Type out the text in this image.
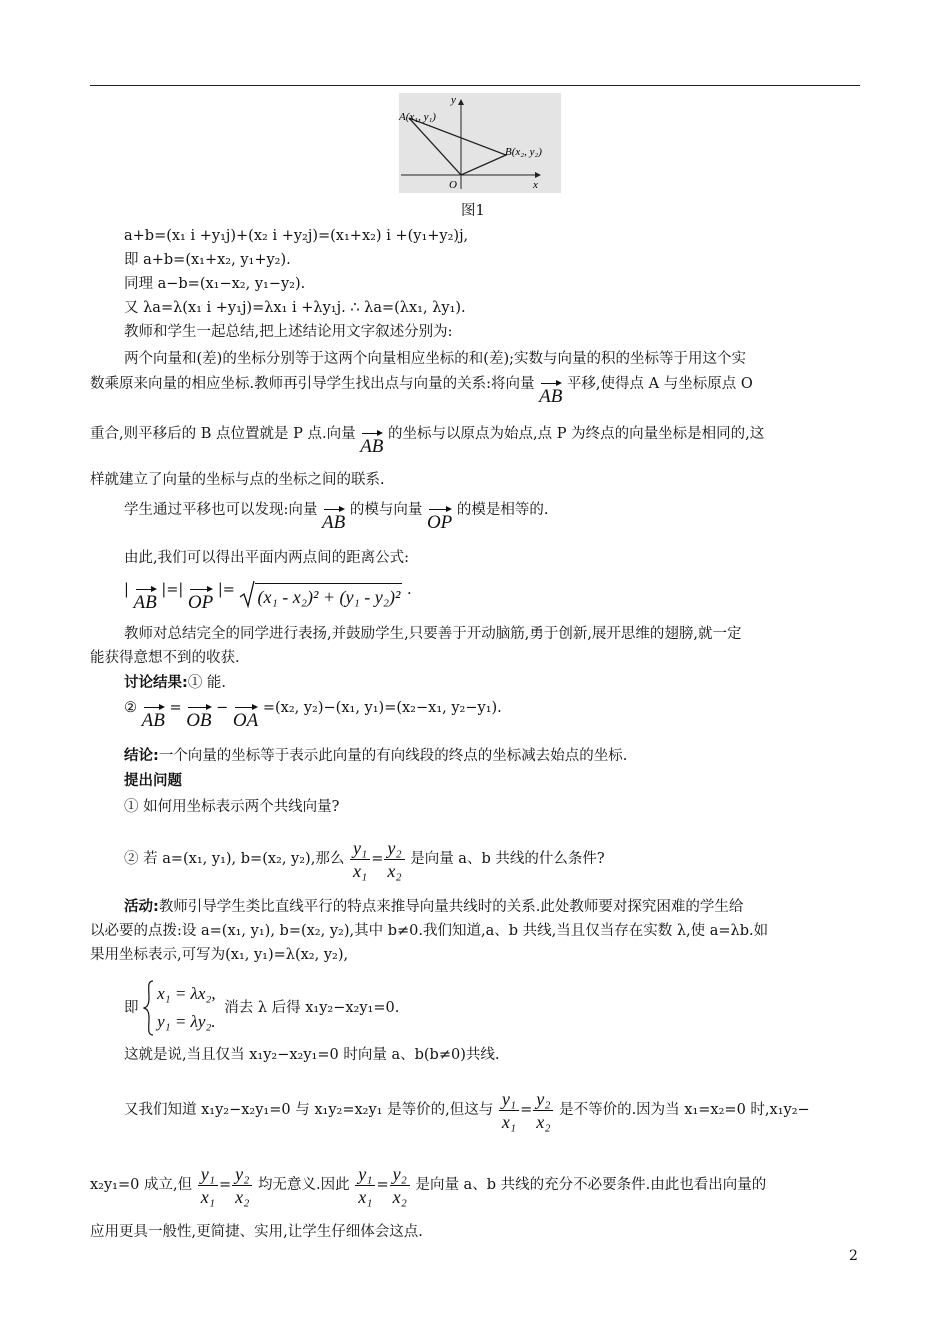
y
x
O
A(x₁, y₁)
B(x₂, y₂)
图1
a+b=(x₁ i +y₁j)+(x₂ i +y₂j)=(x₁+x₂) i +(y₁+y₂)j,
即 a+b=(x₁+x₂, y₁+y₂).
同理 a−b=(x₁−x₂, y₁−y₂).
又 λa=λ(x₁ i +y₁j)=λx₁ i +λy₁j. ∴ λa=(λx₁, λy₁).
教师和学生一起总结,把上述结论用文字叙述分别为:
两个向量和(差)的坐标分别等于这两个向量相应坐标的和(差);实数与向量的积的坐标等于用这个实
数乘原来向量的相应坐标.教师再引导学生找出点与向量的关系:将向量 AB 平移,使得点 A 与坐标原点 O
重合,则平移后的 B 点位置就是 P 点.向量 AB 的坐标与以原点为始点,点 P 为终点的向量坐标是相同的,这
样就建立了向量的坐标与点的坐标之间的联系.
学生通过平移也可以发现:向量 AB 的模与向量 OP 的模是相等的.
由此,我们可以得出平面内两点间的距离公式:
| AB |=| OP |= (x₁ - x₂)² + (y₁ - y₂)² .
教师对总结完全的同学进行表扬,并鼓励学生,只要善于开动脑筋,勇于创新,展开思维的翅膀,就一定
能获得意想不到的收获.
讨论结果:① 能.
② AB = OB − OA =(x₂, y₂)−(x₁, y₁)=(x₂−x₁, y₂−y₁).
结论:一个向量的坐标等于表示此向量的有向线段的终点的坐标减去始点的坐标.
提出问题
① 如何用坐标表示两个共线向量?
② 若 a=(x₁, y₁), b=(x₂, y₂),那么 $\frac{\text{y₁}}{\text{x₁}} = \frac{\text{y₂}}{\text{x₂}}$ 是向量 a、b 共线的什么条件?
活动:教师引导学生类比直线平行的特点来推导向量共线时的关系.此处教师要对探究困难的学生给
以必要的点拨:设 a=(x₁, y₁), b=(x₂, y₂),其中 b≠0.我们知道,a、b 共线,当且仅当存在实数 λ,使 a=λb.如
果用坐标表示,可写为(x₁, y₁)=λ(x₂, y₂),
即
x₁ = λx₂,
y₁ = λy₂.
消去 λ 后得 x₁y₂−x₂y₁=0.
这就是说,当且仅当 x₁y₂−x₂y₁=0 时向量 a、b(b≠0)共线.
又我们知道 x₁y₂−x₂y₁=0 与 x₁y₂=x₂y₁ 是等价的,但这与 $\frac{\text{y₁}}{\text{x₁}} = \frac{\text{y₂}}{\text{x₂}}$ 是不等价的.因为当 x₁=x₂=0 时,x₁y₂−
x₂y₁=0 成立,但 $\frac{\text{y₁}}{\text{x₁}} = \frac{\text{y₂}}{\text{x₂}}$ 均无意义.因此 $\frac{\text{y₁}}{\text{x₁}} = \frac{\text{y₂}}{\text{x₂}}$ 是向量 a、b 共线的充分不必要条件.由此也看出向量的
应用更具一般性,更简捷、实用,让学生仔细体会这点.
2
